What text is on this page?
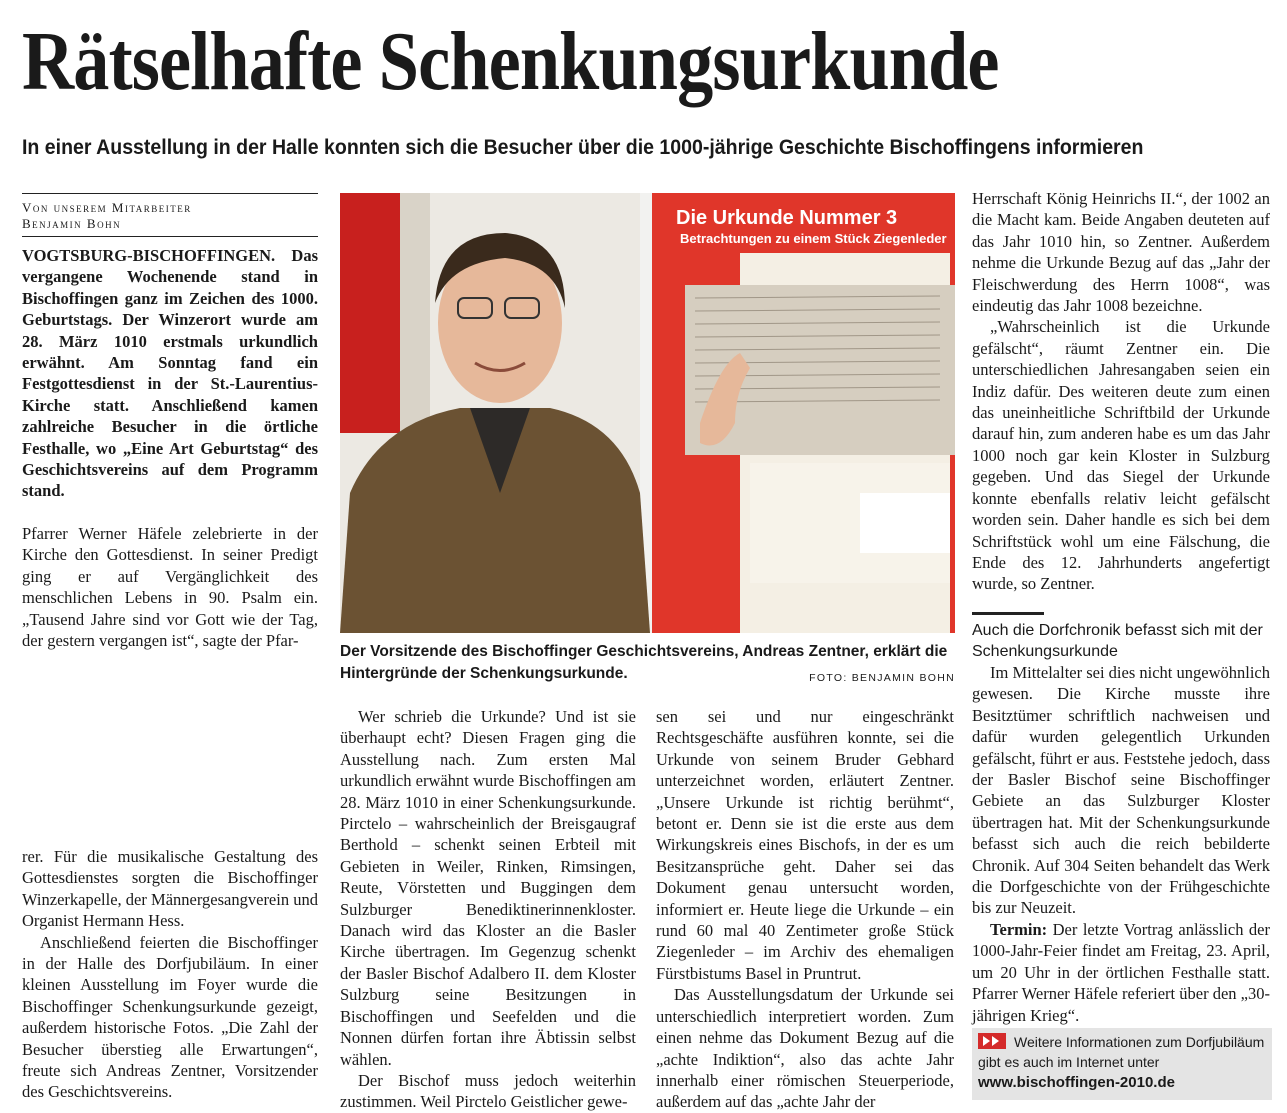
Rätselhafte Schenkungsurkunde
In einer Ausstellung in der Halle konnten sich die Besucher über die 1000-jährige Geschichte Bischoffingens informieren
Von unserem Mitarbeiter
Benjamin Bohn

VOGTSBURG-BISCHOFFINGEN. Das vergangene Wochenende stand in Bischoffingen ganz im Zeichen des 1000. Geburtstags. Der Winzerort wurde am 28. März 1010 erstmals urkundlich erwähnt. Am Sonntag fand ein Festgottesdienst in der St.-Laurentius-Kirche statt. Anschließend kamen zahlreiche Besucher in die örtliche Festhalle, wo „Eine Art Geburtstag“ des Geschichtsvereins auf dem Programm stand.

Pfarrer Werner Häfele zelebrierte in der Kirche den Gottesdienst. In seiner Predigt ging er auf Vergänglichkeit des menschlichen Lebens in 90. Psalm ein. „Tausend Jahre sind vor Gott wie der Tag, der gestern vergangen ist“, sagte der Pfar-

rer. Für die musikalische Gestaltung des Gottesdienstes sorgten die Bischoffinger Winzerkapelle, der Männergesangverein und Organist Hermann Hess.

Anschließend feierten die Bischoffinger in der Halle des Dorfjubiläum. In einer kleinen Ausstellung im Foyer wurde die Bischoffinger Schenkungsurkunde gezeigt, außerdem historische Fotos. „Die Zahl der Besucher überstieg alle Erwartungen“, freute sich Andreas Zentner, Vorsitzender des Geschichtsvereins.

Die Urkunde Nummer 3
Betrachtungen zu einem Stück Ziegenleder
Der Vorsitzende des Bischoffinger Geschichtsvereins, Andreas Zentner, erklärt die Hintergründe der Schenkungsurkunde.	FOTO: BENJAMIN BOHN

Wer schrieb die Urkunde? Und ist sie überhaupt echt? Diesen Fragen ging die Ausstellung nach. Zum ersten Mal urkundlich erwähnt wurde Bischoffingen am 28. März 1010 in einer Schenkungsurkunde. Pirctelo – wahrscheinlich der Breisgaugraf Berthold – schenkt seinen Erbteil mit Gebieten in Weiler, Rinken, Rimsingen, Reute, Vörstetten und Buggingen dem Sulzburger Benediktinerinnenkloster. Danach wird das Kloster an die Basler Kirche übertragen. Im Gegenzug schenkt der Basler Bischof Adalbero II. dem Kloster Sulzburg seine Besitzungen in Bischoffingen und Seefelden und die Nonnen dürfen fortan ihre Äbtissin selbst wählen.

Der Bischof muss jedoch weiterhin zustimmen. Weil Pirctelo Geistlicher gewe-

sen sei und nur eingeschränkt Rechtsgeschäfte ausführen konnte, sei die Urkunde von seinem Bruder Gebhard unterzeichnet worden, erläutert Zentner. „Unsere Urkunde ist richtig berühmt“, betont er. Denn sie ist die erste aus dem Wirkungskreis eines Bischofs, in der es um Besitzansprüche geht. Daher sei das Dokument genau untersucht worden, informiert er. Heute liege die Urkunde – ein rund 60 mal 40 Zentimeter große Stück Ziegenleder – im Archiv des ehemaligen Fürstbistums Basel in Pruntrut.

Das Ausstellungsdatum der Urkunde sei unterschiedlich interpretiert worden. Zum einen nehme das Dokument Bezug auf die „achte Indiktion“, also das achte Jahr innerhalb einer römischen Steuerperiode, außerdem auf das „achte Jahr der

Herrschaft König Heinrichs II.“, der 1002 an die Macht kam. Beide Angaben deuteten auf das Jahr 1010 hin, so Zentner. Außerdem nehme die Urkunde Bezug auf das „Jahr der Fleischwerdung des Herrn 1008“, was eindeutig das Jahr 1008 bezeichne.

„Wahrscheinlich ist die Urkunde gefälscht“, räumt Zentner ein. Die unterschiedlichen Jahresangaben seien ein Indiz dafür. Des weiteren deute zum einen das uneinheitliche Schriftbild der Urkunde darauf hin, zum anderen habe es um das Jahr 1000 noch gar kein Kloster in Sulzburg gegeben. Und das Siegel der Urkunde konnte ebenfalls relativ leicht gefälscht worden sein. Daher handle es sich bei dem Schriftstück wohl um eine Fälschung, die Ende des 12. Jahrhunderts angefertigt wurde, so Zentner.

Auch die Dorfchronik befasst sich mit der Schenkungsurkunde

Im Mittelalter sei dies nicht ungewöhnlich gewesen. Die Kirche musste ihre Besitztümer schriftlich nachweisen und dafür wurden gelegentlich Urkunden gefälscht, führt er aus. Feststehe jedoch, dass der Basler Bischof seine Bischoffinger Gebiete an das Sulzburger Kloster übertragen hat. Mit der Schenkungsurkunde befasst sich auch die reich bebilderte Chronik. Auf 304 Seiten behandelt das Werk die Dorfgeschichte von der Frühgeschichte bis zur Neuzeit.

Termin: Der letzte Vortrag anlässlich der 1000-Jahr-Feier findet am Freitag, 23. April, um 20 Uhr in der örtlichen Festhalle statt. Pfarrer Werner Häfele referiert über den „30-jährigen Krieg“.

Weitere Informationen zum Dorfjubiläum gibt es auch im Internet unter
www.bischoffingen-2010.de
